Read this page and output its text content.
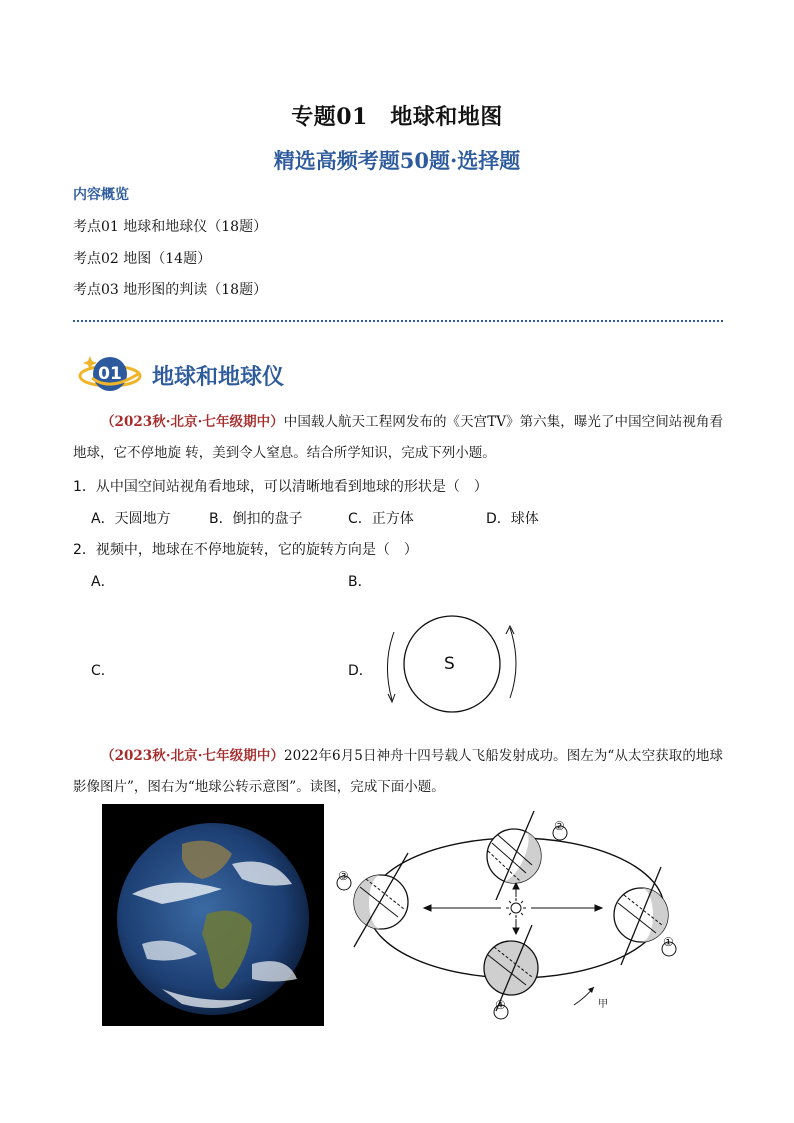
专题01　地球和地图
精选高频考题50题·选择题
内容概览
考点01 地球和地球仪（18题）
考点02 地图（14题）
考点03 地形图的判读（18题）
01 地球和地球仪
（2023秋·北京·七年级期中）中国载人航天工程网发布的《天宫TV》第六集，曝光了中国空间站视角看地球，它不停地旋 转，美到令人窒息。结合所学知识，完成下列小题。
1．从中国空间站视角看地球，可以清晰地看到地球的形状是（　）
A．天圆地方	B．倒扣的盘子	C．正方体	D．球体
2．视频中，地球在不停地旋转，它的旋转方向是（　）
A．	B．
C．	D．	S
（2023秋·北京·七年级期中）2022年6月5日神舟十四号载人飞船发射成功。图左为“从太空获取的地球影像图片”，图右为“地球公转示意图”。读图，完成下面小题。
②
①
③
④	甲
